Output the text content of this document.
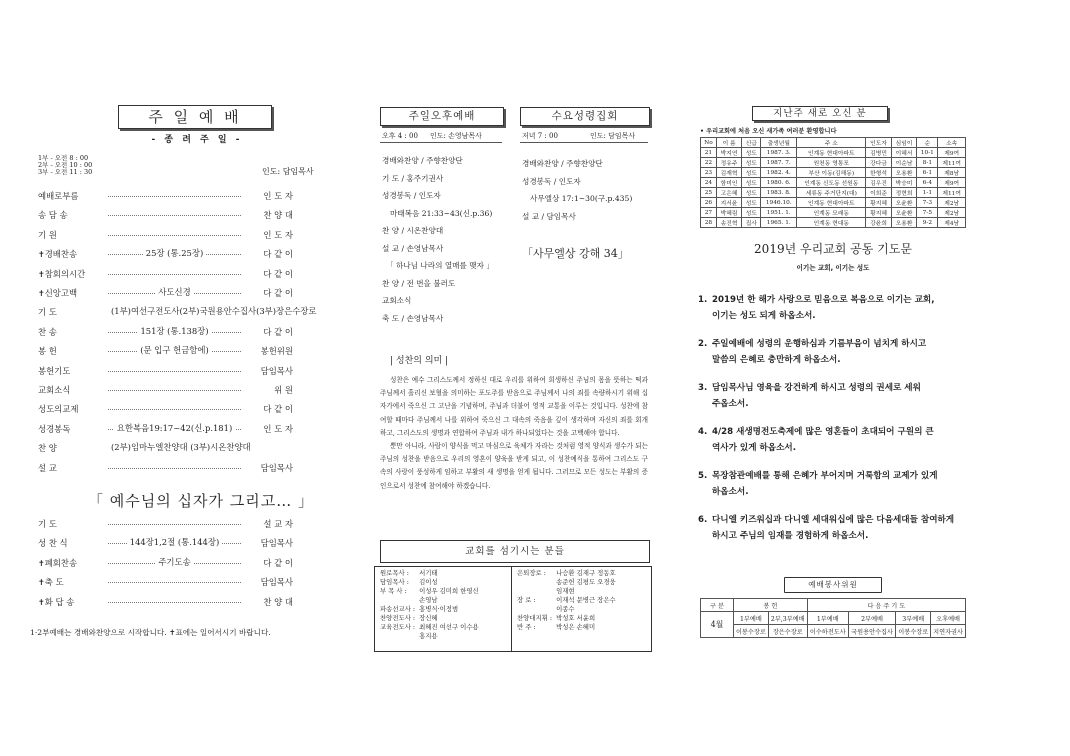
주 일 예 배
- 종 려 주 일 -
1부 - 오전 8 : 00
2부 - 오전 10 : 00
3부 - 오전 11 : 30	인도: 담임목사
예배로부름	인 도 자
송 담 송	찬 양 대
기 원	인 도 자
✝경배찬송	25장 (통.25장)	다 같 이
✝참회의시간	다 같 이
✝신앙고백	사도신경	다 같 이
기 도	(1부)여선구전도사(2부)국원용안수집사(3부)장은수장로
찬 송	151장 (통.138장)	다 같 이
봉 헌	(문 입구 헌금함에)	봉헌위원
봉헌기도	담임목사
교회소식	위 원
성도의교제	다 같 이
성경봉독	요한복음19:17~42(신.p.181)	인 도 자
찬 양	(2부)임마누엘찬양대 (3부)시온찬양대
설 교	담임목사
「 예수님의 십자가 그리고… 」
기 도	설 교 자
성 찬 식	144장1,2절 (통.144장)	담임목사
✝폐회찬송	주기도송	다 같 이
✝축 도	담임목사
✝화 답 송	찬 양 대
1·2부예배는 경배와찬양으로 시작합니다. ✝표에는 일어서시기 바랍니다.
주일오후예배
오후 4 : 00 인도: 손영남목사
경배와찬양 / 주향찬양단
기 도 / 홍주기권사
성경봉독 / 인도자
마태복음 21:33~43(신.p.36)
찬 양 / 시온찬양대
설 교 / 손영남목사
「 하나님 나라의 열매를 맺자 」
찬 양 / 전 번을 불러도
교회소식
축 도 / 손영남목사
수요성령집회
저녁 7 : 00	인도: 담임목사
경배와찬양 / 주향찬양단
성경봉독 / 인도자
사무엘상 17:1~30(구.p.435)
설 교 / 담임목사
「사무엘상 강해 34」
| 성찬의 의미 |

성찬은 예수 그리스도께서 정하신 대로 우리를 위하여 희생하신 주님의 몸을 뜻하는 떡과 주님께서 흘리신 보혈을 의미하는 포도주를 받음으로 주님께서 나의 죄를 속량하시기 위해 십자가에서 죽으신 그 고난을 기념하며, 주님과 더불어 영적 교통을 이루는 것입니다. 성찬에 참여할 때마다 주님께서 나를 위하여 죽으신 그 대속의 죽음을 깊이 생각하며 자신의 죄를 회개하고, 그리스도의 생명과 연합하여 주님과 내가 하나되었다는 것을 고백해야 합니다.

뿐만 아니라, 사람이 양식을 먹고 마심으로 육체가 자라는 것처럼 영적 양식과 생수가 되는 주님의 성찬을 받음으로 우리의 영혼이 양육을 받게 되고, 이 성찬예식을 통하여 그리스도 구속의 사랑이 풍성하게 임하고 부활의 새 생명을 얻게 됩니다. 그러므로 모든 성도는 부활의 증인으로서 성찬에 참여해야 하겠습니다.

교회를 섬기시는 분들
원로목사 :	서기태
담임목사 :	김이성
부 목 사 :	이성우 김미희 한영신
	손영남
파송선교사 :	홍병식·이정범
찬양전도사 :	장신혜
교육전도사 :	최혜진 여선구 이수용
	홍지용
은퇴장로 :	나승환 김재구 정동호
	송준헌 김평도 오경웅
	임재현
장 로 :	이재석 문병근 장은수
	이종수
찬양대지휘 :	박성호 서윤희
반 주 :	박성은 손혜미
지난주 새로 오신 분
• 우리교회에 처음 오신 새가족 여러분 환영합니다
No	이 름	신급	출생년월	주 소	인도자	심임이	순	소속
21	박지연	성도	1987. 3.	인계동 현대아파트	김병민	이혜서	10-1	제9여
22	정유주	성도	1987. 7.	원천동 영통포	강다금	이순남	8-1	제11여
23	김재혁	성도	1982. 4.	부산 이동(김해동)	한형석	오용환	6-1	제8남
24	함미인	성도	1980. 6.	인계동 신도동 선원동	김우진	박승미	6-4	제9여
25	고은혜	성도	1983. 8.	세류동 주거단지(대)	이희준	정현희	1-1	제11여
26	지서윤	성도	1946.10.	인계동 현대아파트	황지혜	오윤환	7-3	제2남
27	박혜림	성도	1951. 1.	인계동 모래동	황지혜	오윤환	7-5	제2남
28	송진혁	집사	1965. 1.	인계동 현대동	강윤희	오용환	9-2	제4남
2019년 우리교회 공동 기도문
이기는 교회, 이기는 성도
1. 2019년 한 해가 사랑으로 믿음으로 복음으로 이기는 교회,
이기는 성도 되게 하옵소서.
2. 주일예배에 성령의 운행하심과 기름부음이 넘치게 하시고
말씀의 은혜로 충만하게 하옵소서.
3. 담임목사님 영육을 강건하게 하시고 성령의 권세로 세워
주옵소서.
4. 4/28 새생명전도축제에 많은 영혼들이 초대되어 구원의 큰
역사가 있게 하옵소서.
5. 목장참관예배를 통해 은혜가 부어지며 거룩함의 교제가 있게
하옵소서.
6. 다니엘 키즈워십과 다니엘 세대워십에 많은 다음세대들 참여하게
하시고 주님의 임재를 경험하게 하옵소서.
예배봉사위원
구 분	봉 헌		다 음 주 기 도			
4월	1부예배	2부,3부예배	1부예배	2부예배	3부예배	오후예배
	이봉수장로	장은수장로	이수하전도사	국원용안수집사	이봉수장로	지연자권사
